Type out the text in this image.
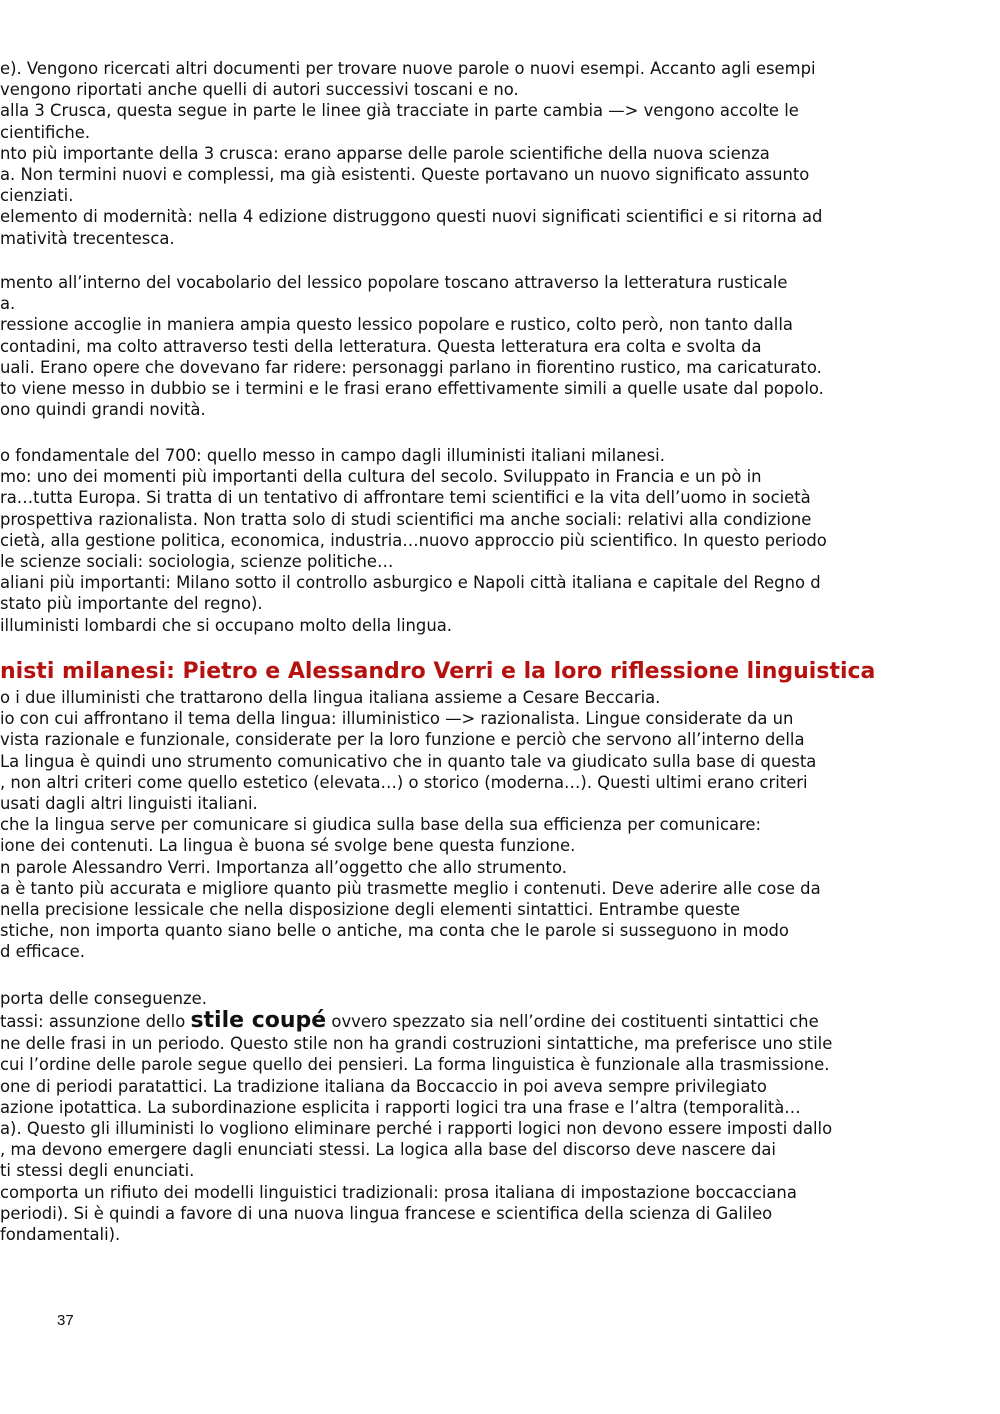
e). Vengono ricercati altri documenti per trovare nuove parole o nuovi esempi. Accanto agli esempi
vengono riportati anche quelli di autori successivi toscani e no.
alla 3 Crusca, questa segue in parte le linee già tracciate in parte cambia —> vengono accolte le
cientifiche.
nto più importante della 3 crusca: erano apparse delle parole scientifiche della nuova scienza
a. Non termini nuovi e complessi, ma già esistenti. Queste portavano un nuovo significato assunto
cienziati.
elemento di modernità: nella 4 edizione distruggono questi nuovi significati scientifici e si ritorna ad
matività trecentesca.
mento all’interno del vocabolario del lessico popolare toscano attraverso la letteratura rusticale
a.
ressione accoglie in maniera ampia questo lessico popolare e rustico, colto però, non tanto dalla
contadini, ma colto attraverso testi della letteratura. Questa letteratura era colta e svolta da
uali. Erano opere che dovevano far ridere: personaggi parlano in fiorentino rustico, ma caricaturato.
to viene messo in dubbio se i termini e le frasi erano effettivamente simili a quelle usate dal popolo.
ono quindi grandi novità.
o fondamentale del 700: quello messo in campo dagli illuministi italiani milanesi.
mo: uno dei momenti più importanti della cultura del secolo. Sviluppato in Francia e un pò in
ra…tutta Europa. Si tratta di un tentativo di affrontare temi scientifici e la vita dell’uomo in società
prospettiva razionalista. Non tratta solo di studi scientifici ma anche sociali: relativi alla condizione
cietà, alla gestione politica, economica, industria…nuovo approccio più scientifico. In questo periodo
le scienze sociali: sociologia, scienze politiche…
aliani più importanti: Milano sotto il controllo asburgico e Napoli città italiana e capitale del Regno d
stato più importante del regno).
illuministi lombardi che si occupano molto della lingua.
nisti milanesi: Pietro e Alessandro Verri e la loro riflessione linguistica
o i due illuministi che trattarono della lingua italiana assieme a Cesare Beccaria.
io con cui affrontano il tema della lingua: illuministico —> razionalista. Lingue considerate da un
vista razionale e funzionale, considerate per la loro funzione e perciò che servono all’interno della
La lingua è quindi uno strumento comunicativo che in quanto tale va giudicato sulla base di questa
, non altri criteri come quello estetico (elevata…) o storico (moderna…). Questi ultimi erano criteri
usati dagli altri linguisti italiani.
che la lingua serve per comunicare si giudica sulla base della sua efficienza per comunicare:
ione dei contenuti. La lingua è buona sé svolge bene questa funzione.
n parole Alessandro Verri. Importanza all’oggetto che allo strumento.
a è tanto più accurata e migliore quanto più trasmette meglio i contenuti. Deve aderire alle cose da
nella precisione lessicale che nella disposizione degli elementi sintattici. Entrambe queste
stiche, non importa quanto siano belle o antiche, ma conta che le parole si susseguono in modo
d efficace.
porta delle conseguenze.
tassi: assunzione dello stile coupé ovvero spezzato sia nell’ordine dei costituenti sintattici che
ne delle frasi in un periodo. Questo stile non ha grandi costruzioni sintattiche, ma preferisce uno stile
cui l’ordine delle parole segue quello dei pensieri. La forma linguistica è funzionale alla trasmissione.
one di periodi paratattici. La tradizione italiana da Boccaccio in poi aveva sempre privilegiato
azione ipotattica. La subordinazione esplicita i rapporti logici tra una frase e l’altra (temporalità…
a). Questo gli illuministi lo vogliono eliminare perché i rapporti logici non devono essere imposti dallo
, ma devono emergere dagli enunciati stessi. La logica alla base del discorso deve nascere dai
ti stessi degli enunciati.
comporta un rifiuto dei modelli linguistici tradizionali: prosa italiana di impostazione boccacciana
periodi). Si è quindi a favore di una nuova lingua francese e scientifica della scienza di Galileo
fondamentali).
37
